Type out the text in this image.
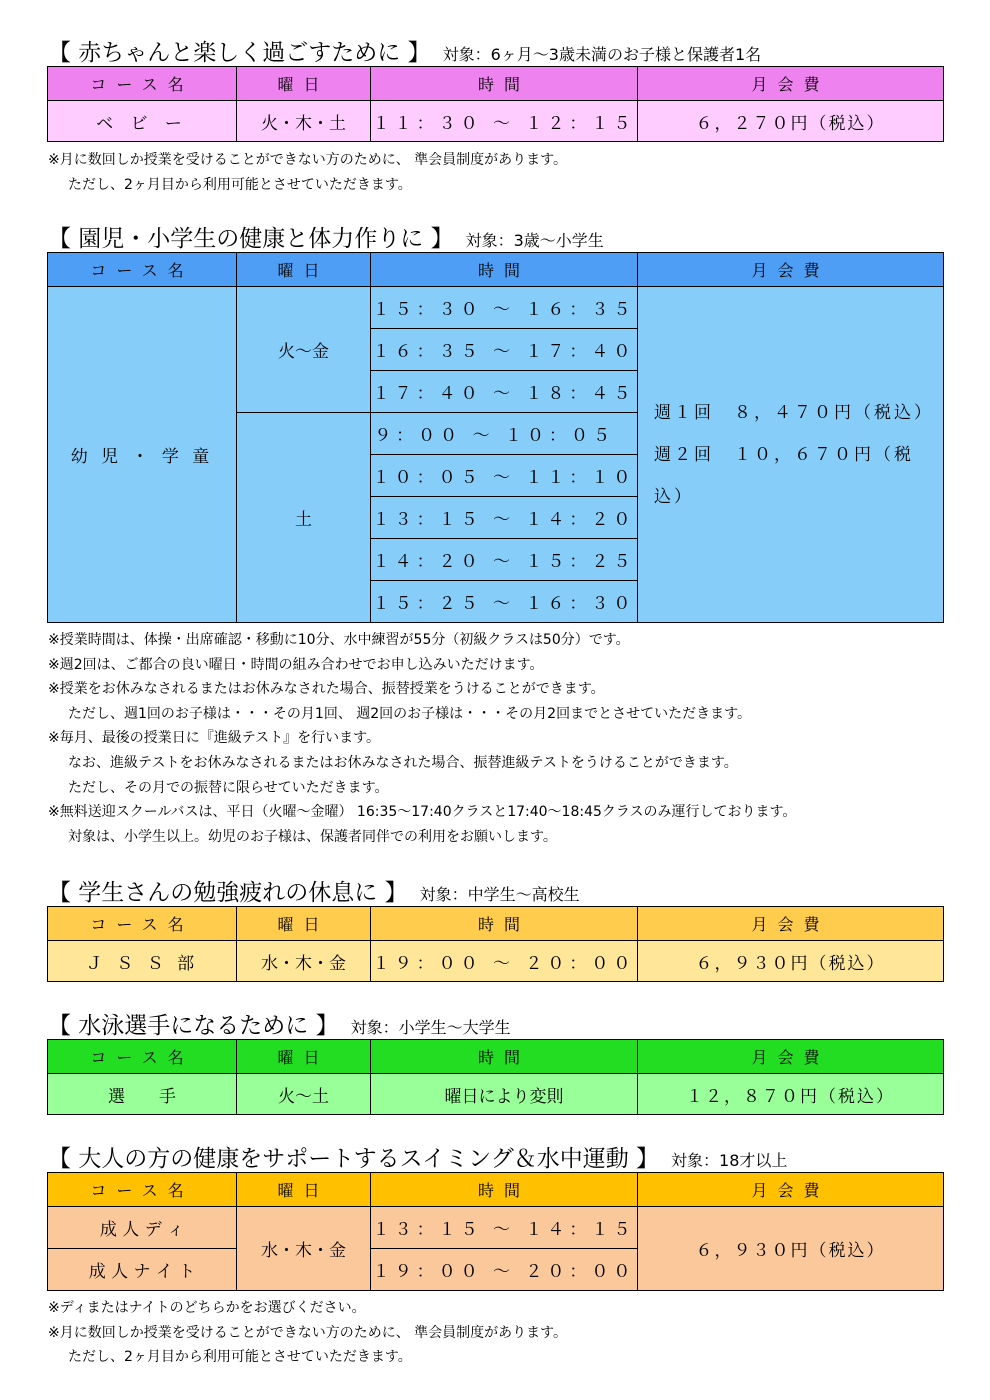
【 赤ちゃんと楽しく過ごすために 】 対象：6ヶ月～3歳未満のお子様と保護者1名
コース名	曜日	時間	月会費
ベ ビ ー	火・木・土	１１：３０ ～ １２：１５	６，２７０円（税込）
※月に数回しか授業を受けることができない方のために、 準会員制度があります。
ただし、2ヶ月目から利用可能とさせていただきます。
【 園児・小学生の健康と体力作りに 】 対象：3歳～小学生
コース名	曜日	時間	月会費
幼 児 ・ 学 童	火～金	１５：３０ ～ １６：３５	週１回 ８，４７０円（税込）
週２回 １０，６７０円（税込）

		１６：３５ ～ １７：４０	
		１７：４０ ～ １８：４５	
	土	９：００ ～ １０：０５	
		１０：０５ ～ １１：１０	
		１３：１５ ～ １４：２０	
		１４：２０ ～ １５：２５	
		１５：２５ ～ １６：３０	
※授業時間は、体操・出席確認・移動に10分、水中練習が55分（初級クラスは50分）です。
※週2回は、ご都合の良い曜日・時間の組み合わせでお申し込みいただけます。
※授業をお休みなされるまたはお休みなされた場合、振替授業をうけることができます。
ただし、週1回のお子様は・・・その月1回、 週2回のお子様は・・・その月2回までとさせていただきます。
※毎月、最後の授業日に『進級テスト』を行います。
なお、進級テストをお休みなされるまたはお休みなされた場合、振替進級テストをうけることができます。
ただし、その月での振替に限らせていただきます。
※無料送迎スクールバスは、平日（火曜～金曜） 16:35～17:40クラスと17:40～18:45クラスのみ運行しております。
対象は、小学生以上。幼児のお子様は、保護者同伴での利用をお願いします。
【 学生さんの勉強疲れの休息に 】 対象：中学生～高校生
コース名	曜日	時間	月会費
Ｊ Ｓ Ｓ 部	水・木・金	１９：００ ～ ２０：００	６，９３０円（税込）
【 水泳選手になるために 】 対象：小学生～大学生
コース名	曜日	時間	月会費
選　　手	火～土	曜日により変則	１２，８７０円（税込）
【 大人の方の健康をサポートするスイミング＆水中運動 】 対象：18才以上
コース名	曜日	時間	月会費
成 人 デ ィ	水・木・金	１３：１５ ～ １４：１５	６，９３０円（税込）
成 人 ナ イ ト		１９：００ ～ ２０：００	
※ディまたはナイトのどちらかをお選びください。
※月に数回しか授業を受けることができない方のために、 準会員制度があります。
ただし、2ヶ月目から利用可能とさせていただきます。
